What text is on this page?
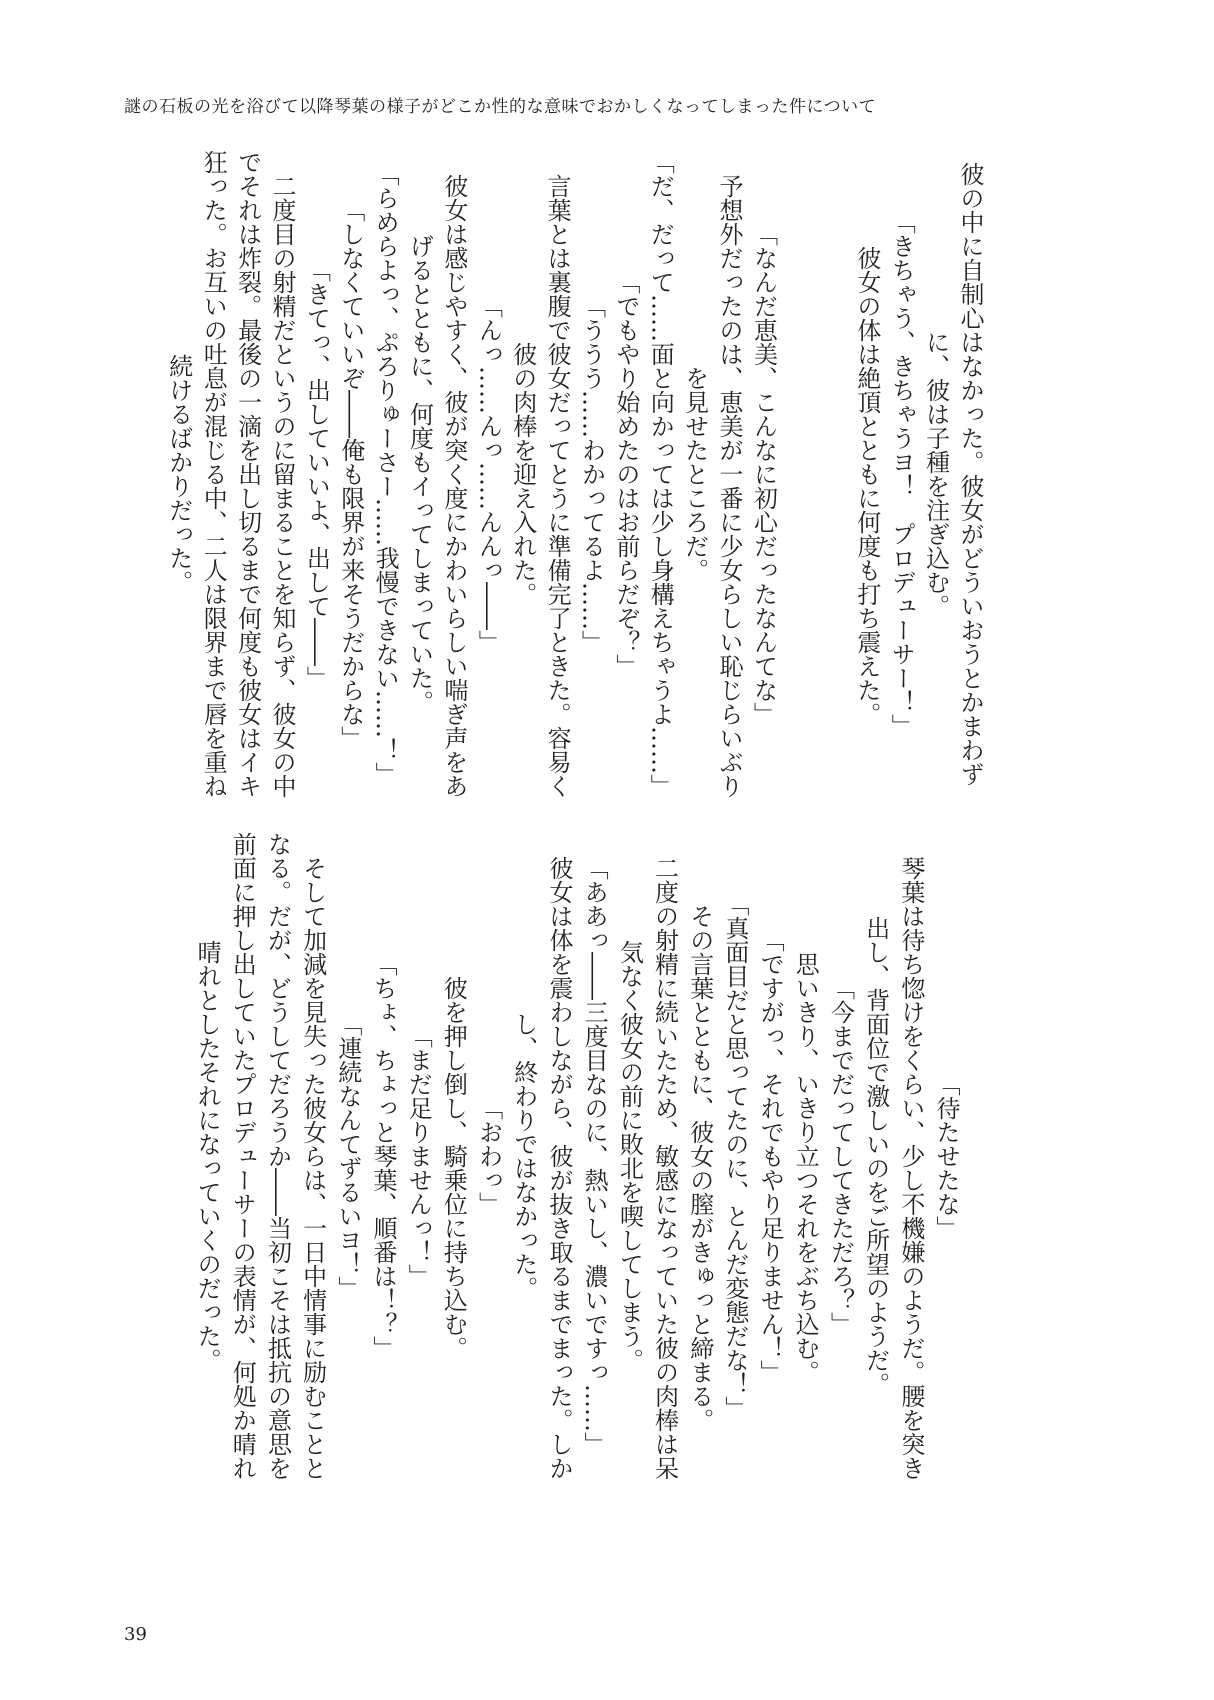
謎の石板の光を浴びて以降琴葉の様子がどこか性的な意味でおかしくなってしまった件について
彼の中に自制心はなかった。彼女がどういおうとかまわず
に、彼は子種を注ぎ込む。
「きちゃう、きちゃうヨ！　プロデューサー！」
　彼女の体は絶頂とともに何度も打ち震えた。
「なんだ恵美、こんなに初心だったなんてな」
　予想外だったのは、恵美が一番に少女らしい恥じらいぶり
を見せたところだ。
「だ、だって……面と向かっては少し身構えちゃうよ……」
「でもやり始めたのはお前らだぞ？」
「ううう……わかってるよ……」
　言葉とは裏腹で彼女だってとうに準備完了ときた。容易く
彼の肉棒を迎え入れた。
「んっ……んっ……んんっ――」
　彼女は感じやすく、彼が突く度にかわいらしい喘ぎ声をあ
げるとともに、何度もイってしまっていた。
「らめらよっ、ぷろりゅーさー……我慢できない……！」
「しなくていいぞ――俺も限界が来そうだからな」
「きてっ、出していいよ、出して――」
　二度目の射精だというのに留まることを知らず、彼女の中
でそれは炸裂。最後の一滴を出し切るまで何度も彼女はイキ
狂った。お互いの吐息が混じる中、二人は限界まで唇を重ね
続けるばかりだった。
「待たせたな」
　琴葉は待ち惚けをくらい、少し不機嫌のようだ。腰を突き
出し、背面位で激しいのをご所望のようだ。
「今までだってしてきただろ？」
　思いきり、いきり立つそれをぶち込む。
「ですがっ、それでもやり足りません！」
「真面目だと思ってたのに、とんだ変態だな！」
　その言葉とともに、彼女の膣がきゅっと締まる。
　二度の射精に続いたため、敏感になっていた彼の肉棒は呆
気なく彼女の前に敗北を喫してしまう。
「ああっ――三度目なのに、熱いし、濃いですっ……」
　彼女は体を震わしながら、彼が抜き取るまでまった。しか
し、終わりではなかった。
「おわっ」
　彼を押し倒し、騎乗位に持ち込む。
「まだ足りませんっ！」
「ちょ、ちょっと琴葉、順番は！？」
「連続なんてずるいヨ！」
　そして加減を見失った彼女らは、一日中情事に励むことと
なる。だが、どうしてだろうか――当初こそは抵抗の意思を
前面に押し出していたプロデューサーの表情が、何処か晴れ
晴れとしたそれになっていくのだった。
39
